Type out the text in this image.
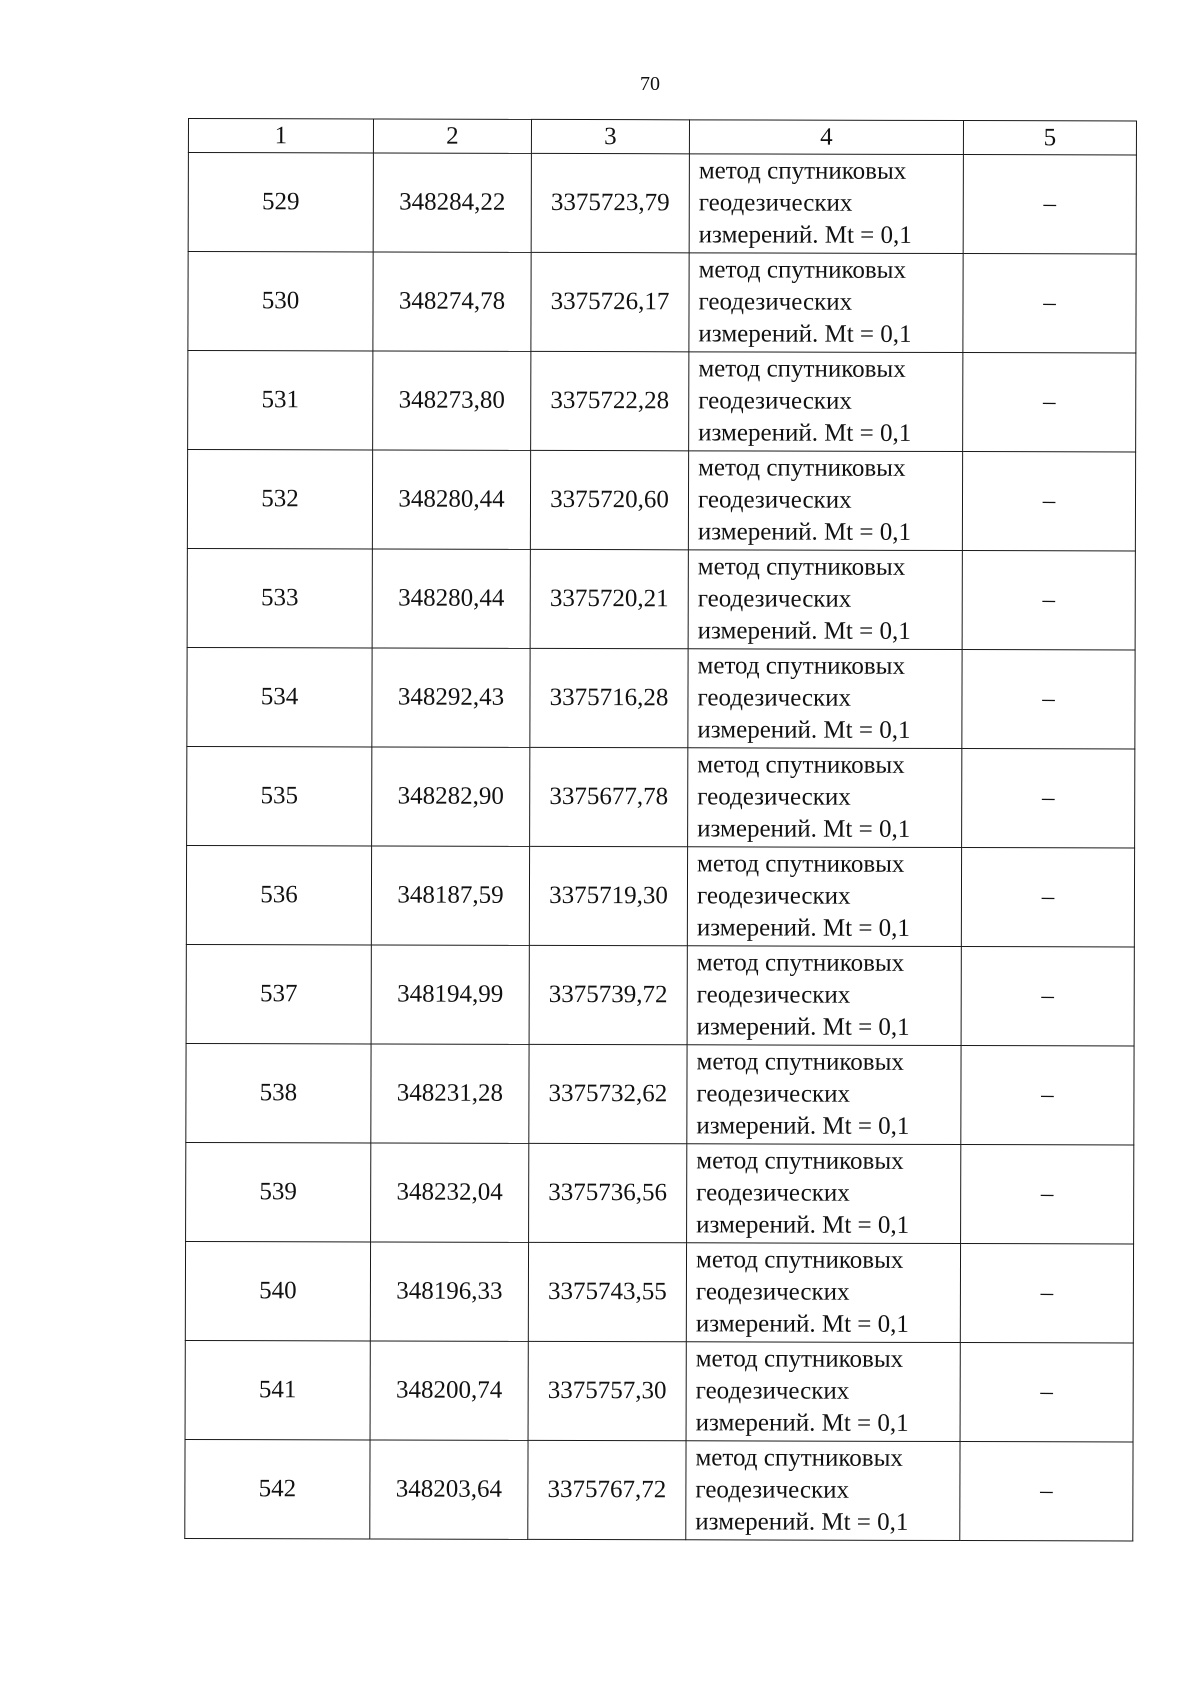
70
1	2	3	4	5
529	348284,22	3375723,79	метод спутниковых
геодезических
измерений. Mt = 0,1	–
530	348274,78	3375726,17	метод спутниковых
геодезических
измерений. Mt = 0,1	–
531	348273,80	3375722,28	метод спутниковых
геодезических
измерений. Mt = 0,1	–
532	348280,44	3375720,60	метод спутниковых
геодезических
измерений. Mt = 0,1	–
533	348280,44	3375720,21	метод спутниковых
геодезических
измерений. Mt = 0,1	–
534	348292,43	3375716,28	метод спутниковых
геодезических
измерений. Mt = 0,1	–
535	348282,90	3375677,78	метод спутниковых
геодезических
измерений. Mt = 0,1	–
536	348187,59	3375719,30	метод спутниковых
геодезических
измерений. Mt = 0,1	–
537	348194,99	3375739,72	метод спутниковых
геодезических
измерений. Mt = 0,1	–
538	348231,28	3375732,62	метод спутниковых
геодезических
измерений. Mt = 0,1	–
539	348232,04	3375736,56	метод спутниковых
геодезических
измерений. Mt = 0,1	–
540	348196,33	3375743,55	метод спутниковых
геодезических
измерений. Mt = 0,1	–
541	348200,74	3375757,30	метод спутниковых
геодезических
измерений. Mt = 0,1	–
542	348203,64	3375767,72	метод спутниковых
геодезических
измерений. Mt = 0,1	–
